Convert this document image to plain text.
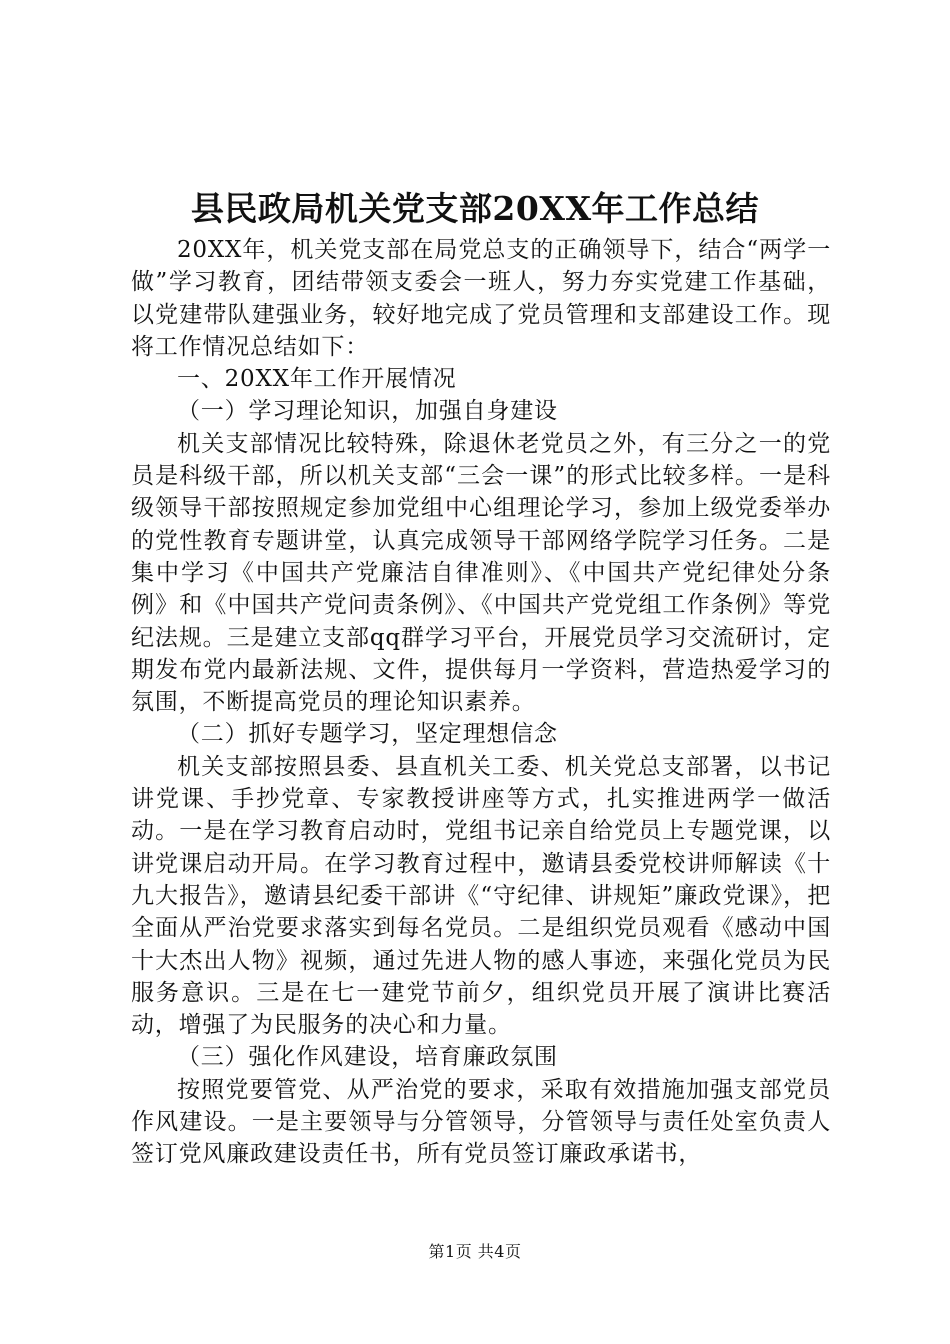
县民政局机关党支部20XX年工作总结

20XX年，机关党支部在局党总支的正确领导下，结合“两学一做”学习教育，团结带领支委会一班人，努力夯实党建工作基础，以党建带队建强业务，较好地完成了党员管理和支部建设工作。现将工作情况总结如下：

一、20XX年工作开展情况

（一）学习理论知识，加强自身建设

机关支部情况比较特殊，除退休老党员之外，有三分之一的党员是科级干部，所以机关支部“三会一课”的形式比较多样。一是科级领导干部按照规定参加党组中心组理论学习，参加上级党委举办的党性教育专题讲堂，认真完成领导干部网络学院学习任务。二是集中学习《中国共产党廉洁自律准则》、《中国共产党纪律处分条例》和《中国共产党问责条例》、《中国共产党党组工作条例》等党纪法规。三是建立支部qq群学习平台，开展党员学习交流研讨，定期发布党内最新法规、文件，提供每月一学资料，营造热爱学习的氛围，不断提高党员的理论知识素养。

（二）抓好专题学习，坚定理想信念

机关支部按照县委、县直机关工委、机关党总支部署，以书记讲党课、手抄党章、专家教授讲座等方式，扎实推进两学一做活动。一是在学习教育启动时，党组书记亲自给党员上专题党课，以讲党课启动开局。在学习教育过程中，邀请县委党校讲师解读《十九大报告》，邀请县纪委干部讲《“守纪律、讲规矩”廉政党课》，把全面从严治党要求落实到每名党员。二是组织党员观看《感动中国十大杰出人物》视频，通过先进人物的感人事迹，来强化党员为民服务意识。三是在七一建党节前夕，组织党员开展了演讲比赛活动，增强了为民服务的决心和力量。

（三）强化作风建设，培育廉政氛围

按照党要管党、从严治党的要求，采取有效措施加强支部党员作风建设。一是主要领导与分管领导，分管领导与责任处室负责人签订党风廉政建设责任书，所有党员签订廉政承诺书，

第1页 共4页
